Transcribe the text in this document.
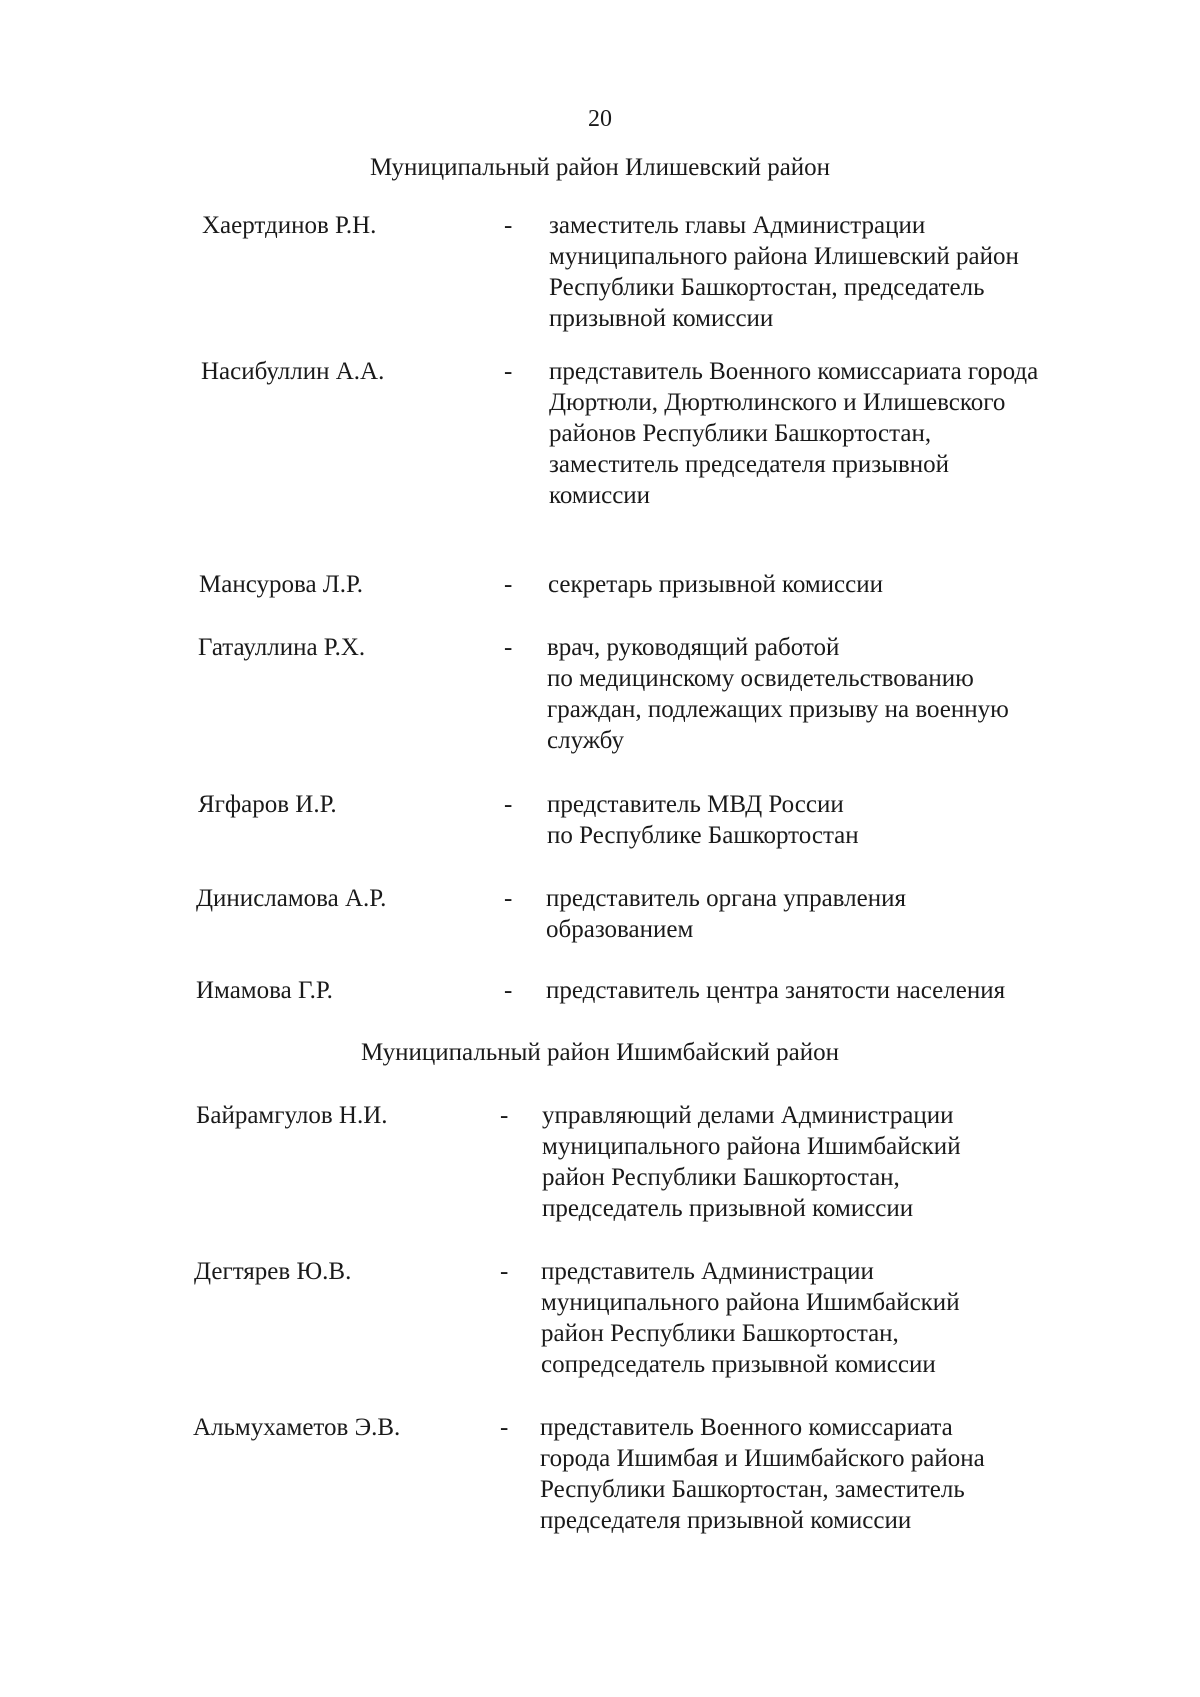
20
Муниципальный район Илишевский район
Хаертдинов Р.Н.	- заместитель главы Администрации
муниципального района Илишевский район
Республики Башкортостан, председатель
призывной комиссии
Насибуллин А.А.	- представитель Военного комиссариата города
Дюртюли, Дюртюлинского и Илишевского
районов Республики Башкортостан,
заместитель председателя призывной
комиссии
Мансурова Л.Р.	- секретарь призывной комиссии
Гатауллина Р.Х.	- врач, руководящий работой
по медицинскому освидетельствованию
граждан, подлежащих призыву на военную
службу
Ягфаров И.Р.	- представитель МВД России
по Республике Башкортостан
Динисламова А.Р.	- представитель органа управления
образованием
Имамова Г.Р.	- представитель центра занятости населения
Муниципальный район Ишимбайский район
Байрамгулов Н.И.	- управляющий делами Администрации
муниципального района Ишимбайский
район Республики Башкортостан,
председатель призывной комиссии
Дегтярев Ю.В.	- представитель Администрации
муниципального района Ишимбайский
район Республики Башкортостан,
сопредседатель призывной комиссии
Альмухаметов Э.В.	- представитель Военного комиссариата
города Ишимбая и Ишимбайского района
Республики Башкортостан, заместитель
председателя призывной комиссии
